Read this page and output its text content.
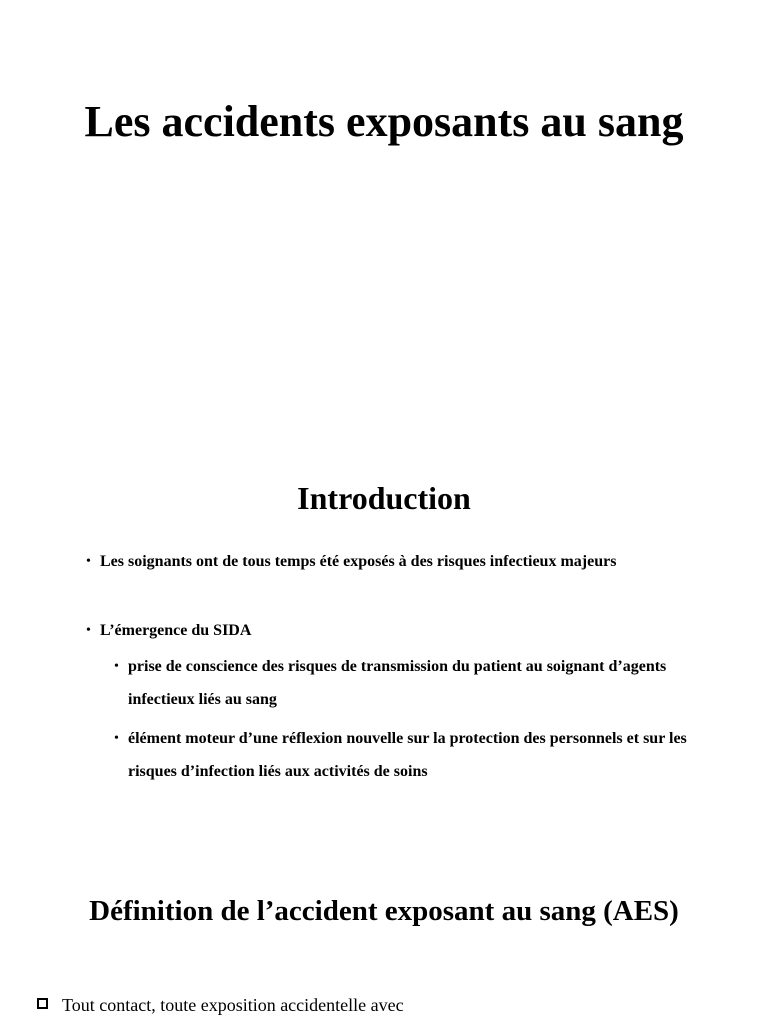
Les accidents exposants au sang
Introduction
• Les soignants ont de tous temps été exposés à des risques infectieux majeurs
• L’émergence du SIDA
• prise de conscience des risques de transmission du patient au soignant d’agents infectieux liés au sang
• élément moteur d’une réflexion nouvelle sur la protection des personnels et sur les risques d’infection liés aux activités de soins
Définition de l’accident exposant au sang (AES)
Tout contact, toute exposition accidentelle avec
